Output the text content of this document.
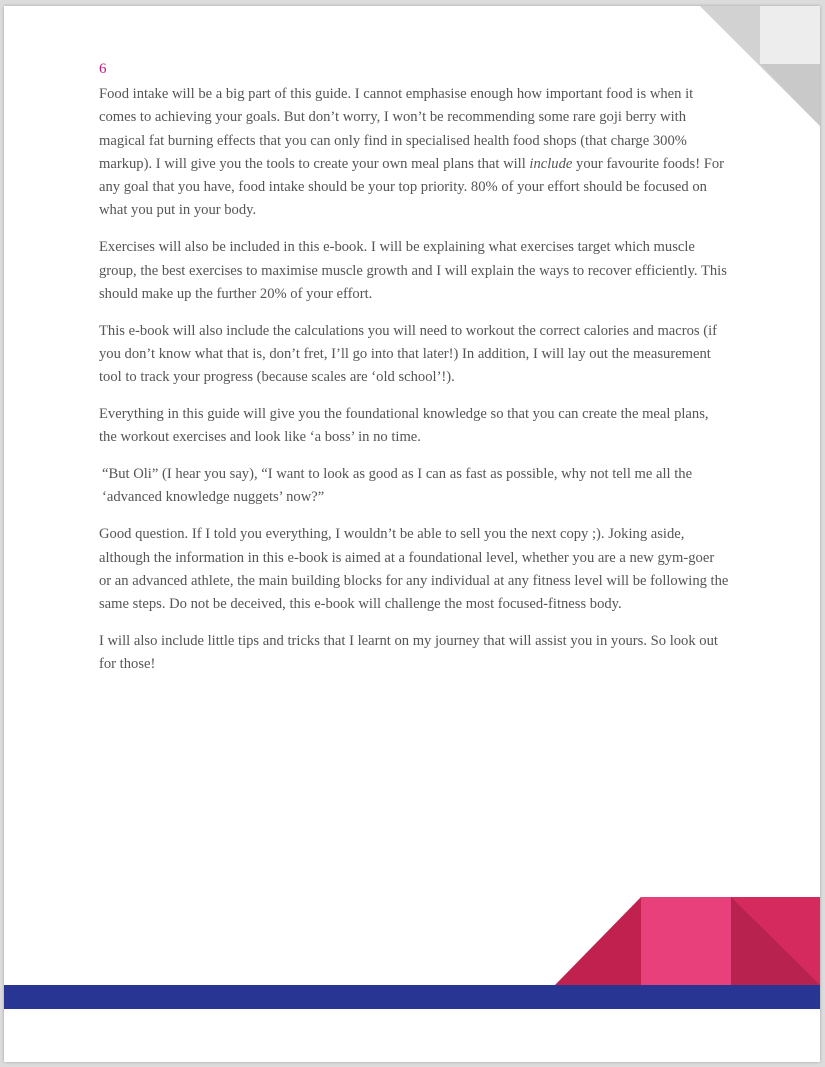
6

Food intake will be a big part of this guide. I cannot emphasise enough how important food is when it comes to achieving your goals. But don’t worry, I won’t be recommending some rare goji berry with magical fat burning effects that you can only find in specialised health food shops (that charge 300% markup). I will give you the tools to create your own meal plans that will include your favourite foods! For any goal that you have, food intake should be your top priority. 80% of your effort should be focused on what you put in your body.

Exercises will also be included in this e-book. I will be explaining what exercises target which muscle group, the best exercises to maximise muscle growth and I will explain the ways to recover efficiently. This should make up the further 20% of your effort.

This e-book will also include the calculations you will need to workout the correct calories and macros (if you don’t know what that is, don’t fret, I’ll go into that later!) In addition, I will lay out the measurement tool to track your progress (because scales are ‘old school’!).

Everything in this guide will give you the foundational knowledge so that you can create the meal plans, the workout exercises and look like ‘a boss’ in no time.

“But Oli” (I hear you say), “I want to look as good as I can as fast as possible, why not tell me all the ‘advanced knowledge nuggets’ now?”

Good question. If I told you everything, I wouldn’t be able to sell you the next copy ;). Joking aside, although the information in this e-book is aimed at a foundational level, whether you are a new gym-goer or an advanced athlete, the main building blocks for any individual at any fitness level will be following the same steps. Do not be deceived, this e-book will challenge the most focused-fitness body.

I will also include little tips and tricks that I learnt on my journey that will assist you in yours. So look out for those!
